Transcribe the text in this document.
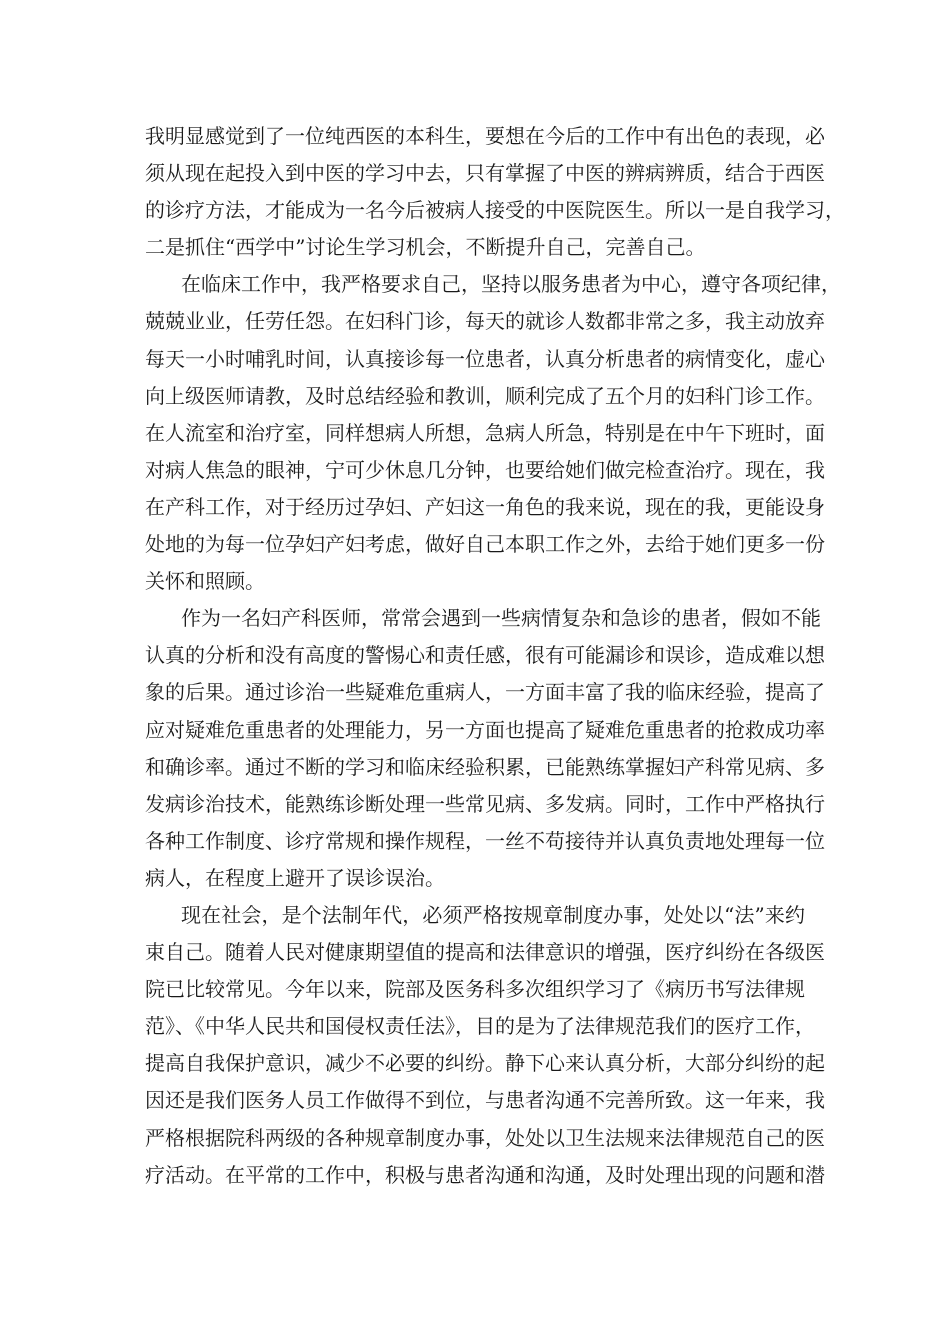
我明显感觉到了一位纯西医的本科生，要想在今后的工作中有出色的表现，必
须从现在起投入到中医的学习中去，只有掌握了中医的辨病辨质，结合于西医
的诊疗方法，才能成为一名今后被病人接受的中医院医生。所以一是自我学习，
二是抓住“西学中”讨论生学习机会，不断提升自己，完善自己。
在临床工作中，我严格要求自己，坚持以服务患者为中心，遵守各项纪律，
兢兢业业，任劳任怨。在妇科门诊，每天的就诊人数都非常之多，我主动放弃
每天一小时哺乳时间，认真接诊每一位患者，认真分析患者的病情变化，虚心
向上级医师请教，及时总结经验和教训，顺利完成了五个月的妇科门诊工作。
在人流室和治疗室，同样想病人所想，急病人所急，特别是在中午下班时，面
对病人焦急的眼神，宁可少休息几分钟，也要给她们做完检查治疗。现在，我
在产科工作，对于经历过孕妇、产妇这一角色的我来说，现在的我，更能设身
处地的为每一位孕妇产妇考虑，做好自己本职工作之外，去给于她们更多一份
关怀和照顾。
作为一名妇产科医师，常常会遇到一些病情复杂和急诊的患者，假如不能
认真的分析和没有高度的警惕心和责任感，很有可能漏诊和误诊，造成难以想
象的后果。通过诊治一些疑难危重病人，一方面丰富了我的临床经验，提高了
应对疑难危重患者的处理能力，另一方面也提高了疑难危重患者的抢救成功率
和确诊率。通过不断的学习和临床经验积累，已能熟练掌握妇产科常见病、多
发病诊治技术，能熟练诊断处理一些常见病、多发病。同时，工作中严格执行
各种工作制度、诊疗常规和操作规程，一丝不苟接待并认真负责地处理每一位
病人，在程度上避开了误诊误治。
现在社会，是个法制年代，必须严格按规章制度办事，处处以“法”来约
束自己。随着人民对健康期望值的提高和法律意识的增强，医疗纠纷在各级医
院已比较常见。今年以来，院部及医务科多次组织学习了《病历书写法律规
范》、《中华人民共和国侵权责任法》，目的是为了法律规范我们的医疗工作，
提高自我保护意识，减少不必要的纠纷。静下心来认真分析，大部分纠纷的起
因还是我们医务人员工作做得不到位，与患者沟通不完善所致。这一年来，我
严格根据院科两级的各种规章制度办事，处处以卫生法规来法律规范自己的医
疗活动。在平常的工作中，积极与患者沟通和沟通，及时处理出现的问题和潜
